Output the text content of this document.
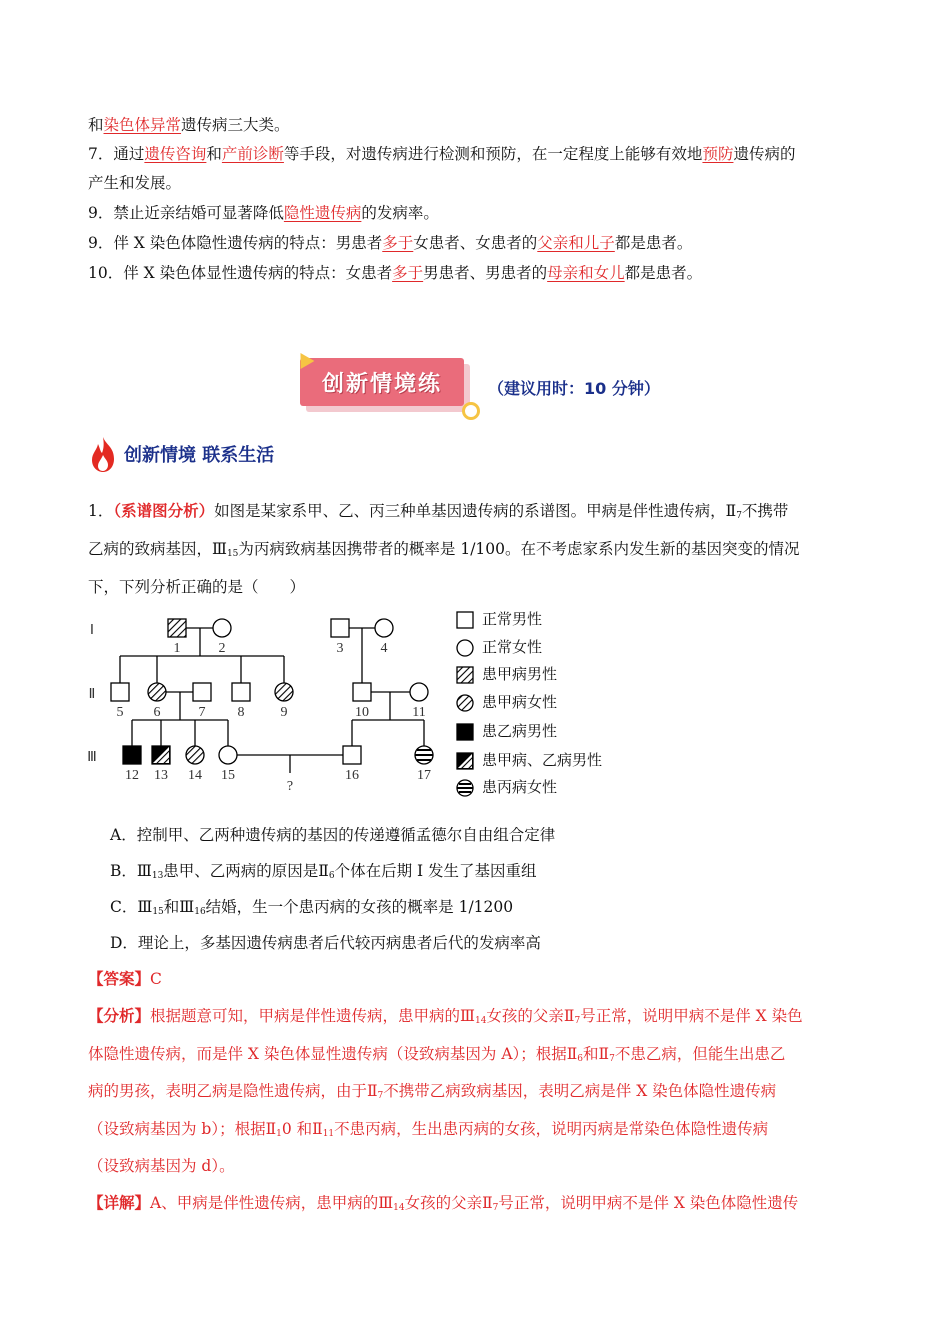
和染色体异常遗传病三大类。
7．通过遗传咨询和产前诊断等手段，对遗传病进行检测和预防，在一定程度上能够有效地预防遗传病的
产生和发展。
9．禁止近亲结婚可显著降低隐性遗传病的发病率。
9．伴 X 染色体隐性遗传病的特点：男患者多于女患者、女患者的父亲和儿子都是患者。
10．伴 X 染色体显性遗传病的特点：女患者多于男患者、男患者的母亲和女儿都是患者。
创新情境练	（建议用时：10 分钟）
创新情境 联系生活
1．（系谱图分析）如图是某家系甲、乙、丙三种单基因遗传病的系谱图。甲病是伴性遗传病，$Ⅱ_7$不携带
乙病的致病基因，$Ⅲ_{15}$为丙病致病基因携带者的概率是 1/100。在不考虑家系内发生新的基因突变的情况
下，下列分析正确的是（　　）
Ⅰ
Ⅱ
Ⅲ
1	2	3	4
5 6	7 8	9	10	11
12 13 14 15	16	17
?
正常男性
正常女性
患甲病男性
患甲病女性
患乙病男性
患甲病、乙病男性
患丙病女性
A．控制甲、乙两种遗传病的基因的传递遵循孟德尔自由组合定律
B．$Ⅲ_{13}$患甲、乙两病的原因是$Ⅱ_6$个体在后期 I 发生了基因重组
C．$Ⅲ_{15}$和$Ⅲ_{16}$结婚，生一个患丙病的女孩的概率是 1/1200
D．理论上，多基因遗传病患者后代较丙病患者后代的发病率高
【答案】C
【分析】根据题意可知，甲病是伴性遗传病，患甲病的$Ⅲ_{14}$女孩的父亲$Ⅱ_7$号正常，说明甲病不是伴 X 染色
体隐性遗传病，而是伴 X 染色体显性遗传病（设致病基因为 A）；根据$Ⅱ_6$和$Ⅱ_7$不患乙病，但能生出患乙
病的男孩，表明乙病是隐性遗传病，由于$Ⅱ_7$不携带乙病致病基因，表明乙病是伴 X 染色体隐性遗传病
（设致病基因为 b）；根据$Ⅱ_10$ 和$Ⅱ_{11}$不患丙病，生出患丙病的女孩，说明丙病是常染色体隐性遗传病
（设致病基因为 d）。
【详解】A、甲病是伴性遗传病，患甲病的$Ⅲ_{14}$女孩的父亲$Ⅱ_7$号正常，说明甲病不是伴 X 染色体隐性遗传
